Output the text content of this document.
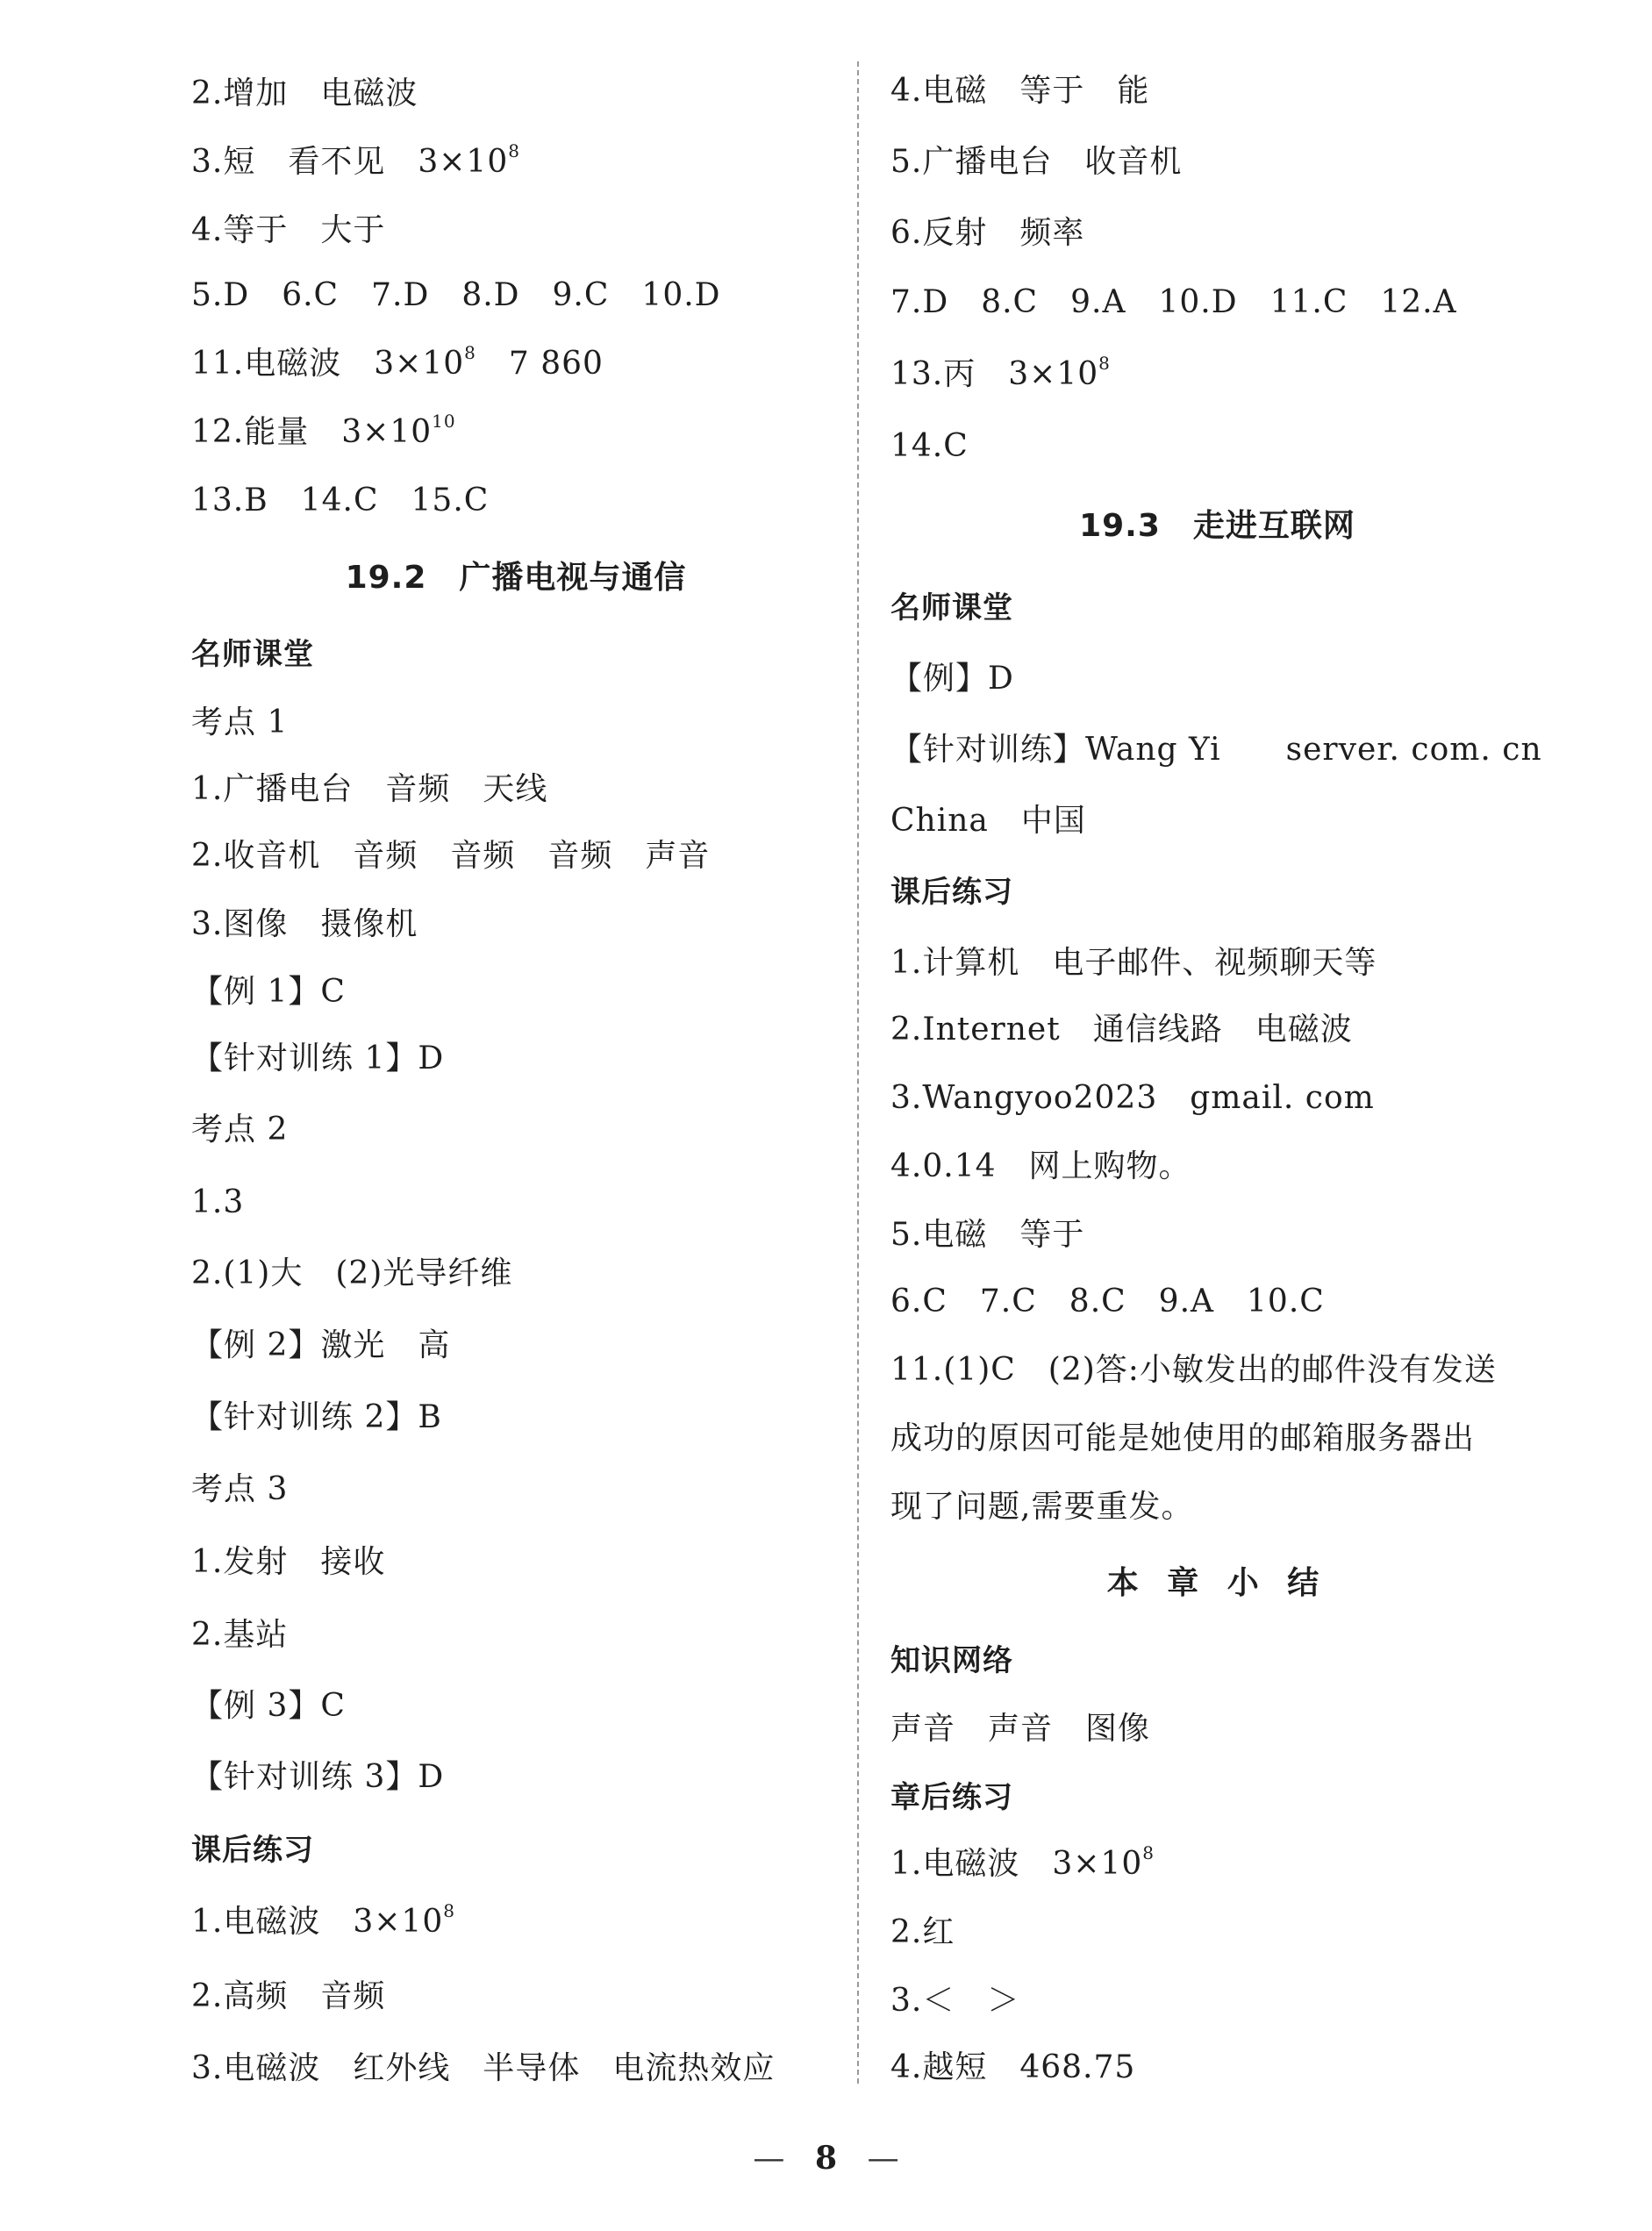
2.增加　电磁波
3.短　看不见　$3\times 10^8$
4.等于　大于
5.D　6.C　7.D　8.D　9.C　10.D
11.电磁波　$3\times 10^8$　7 860
12.能量　$3\times 10^{10}$
13.B　14.C　15.C
19.2　广播电视与通信
名师课堂
考点 1
1.广播电台　音频　天线
2.收音机　音频　音频　音频　声音
3.图像　摄像机
【例 1】C
【针对训练 1】D
考点 2
1.3
2.(1)大　(2)光导纤维
【例 2】激光　高
【针对训练 2】B
考点 3
1.发射　接收
2.基站
【例 3】C
【针对训练 3】D
课后练习
1.电磁波　$3\times 10^8$
2.高频　音频
3.电磁波　红外线　半导体　电流热效应
4.电磁　等于　能
5.广播电台　收音机
6.反射　频率
7.D　8.C　9.A　10.D　11.C　12.A
13.丙　$3\times 10^8$
14.C
19.3　走进互联网
名师课堂
【例】D
【针对训练】Wang Yi　　server. com. cn
China　中国
课后练习
1.计算机　电子邮件、视频聊天等
2.Internet　通信线路　电磁波
3.Wangyoo2023　gmail. com
4.0.14　网上购物。
5.电磁　等于
6.C　7.C　8.C　9.A　10.C
11.(1)C　(2)答:小敏发出的邮件没有发送
成功的原因可能是她使用的邮箱服务器出
现了问题,需要重发。
本 章 小 结
知识网络
声音　声音　图像
章后练习
1.电磁波　$3\times 10^8$
2.红
3.＜　＞
4.越短　468.75
— 8 —
